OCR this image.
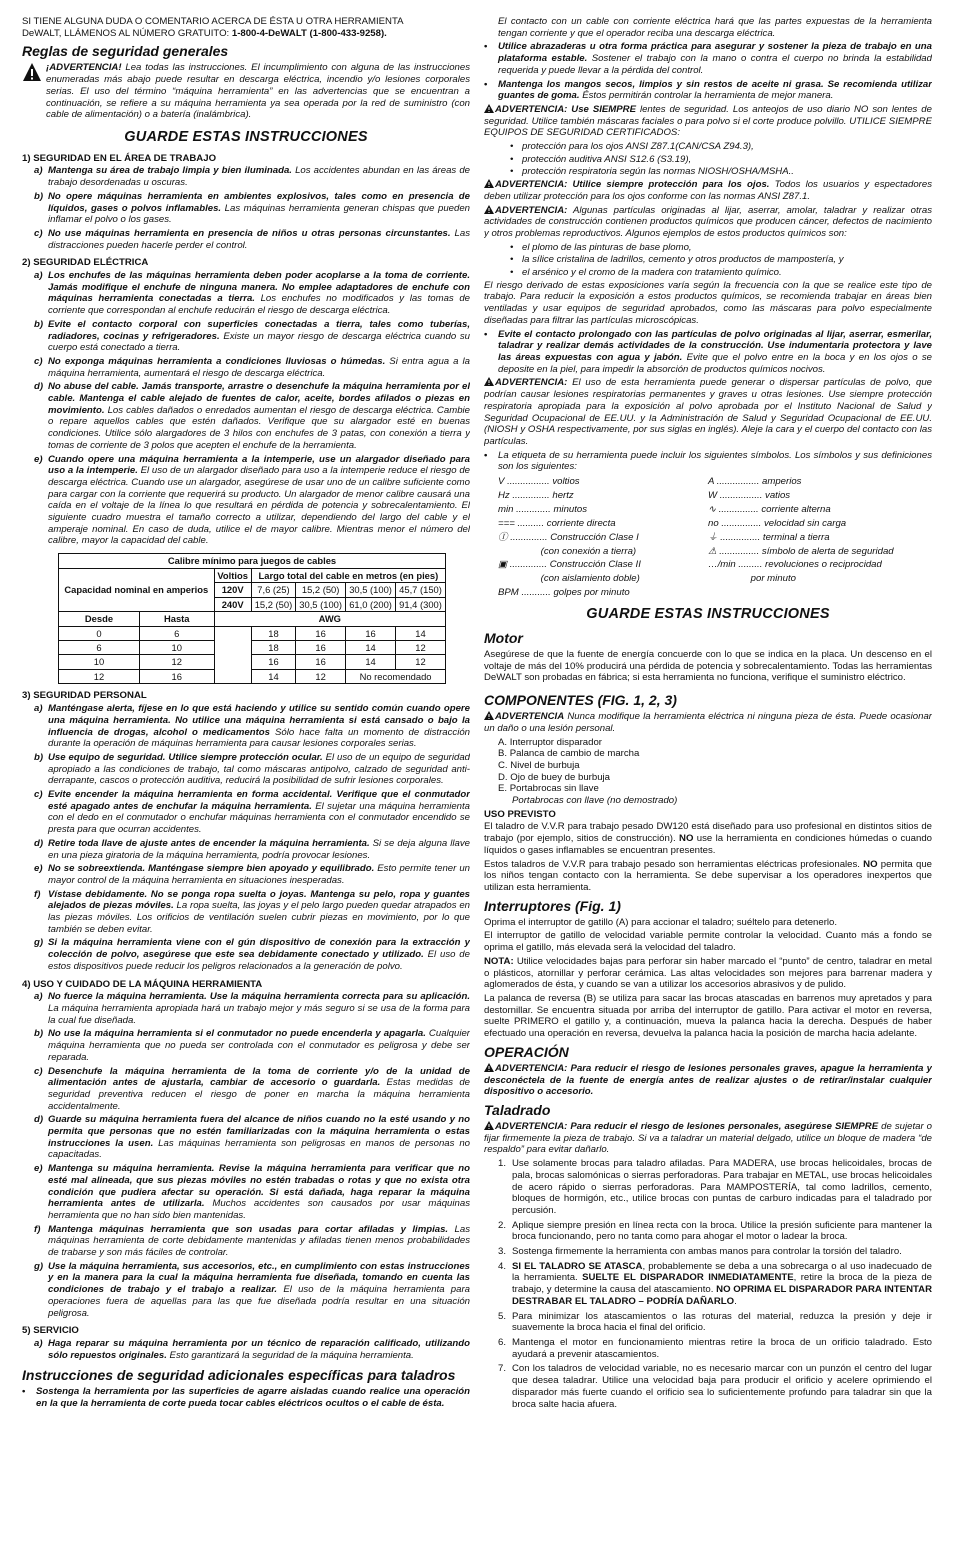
SI TIENE ALGUNA DUDA O COMENTARIO ACERCA DE ÉSTA U OTRA HERRAMIENTA
DeWALT, LLÁMENOS AL NÚMERO GRATUITO: 1-800-4-DeWALT (1-800-433-9258).

Reglas de seguridad generales

¡ADVERTENCIA! Lea todas las instrucciones. El incumplimiento con alguna de las instrucciones enumeradas más abajo puede resultar en descarga eléctrica, incendio y/o lesiones corporales serias. El uso del término “máquina herramienta” en las advertencias que se encuentran a continuación, se refiere a su máquina herramienta ya sea operada por la red de suministro (con cable de alimentación) o a batería (inalámbrica).

GUARDE ESTAS INSTRUCCIONES
1) SEGURIDAD EN EL ÁREA DE TRABAJO
a) Mantenga su área de trabajo limpia y bien iluminada. Los accidentes abundan en las áreas de trabajo desordenadas u oscuras.
b) No opere máquinas herramienta en ambientes explosivos, tales como en presencia de líquidos, gases o polvos inflamables. Las máquinas herramienta generan chispas que pueden inflamar el polvo o los gases.
c) No use máquinas herramienta en presencia de niños u otras personas circunstantes. Las distracciones pueden hacerle perder el control.
2) SEGURIDAD ELÉCTRICA
a) Los enchufes de las máquinas herramienta deben poder acoplarse a la toma de corriente. Jamás modifique el enchufe de ninguna manera. No emplee adaptadores de enchufe con máquinas herramienta conectadas a tierra. Los enchufes no modificados y las tomas de corriente que correspondan al enchufe reducirán el riesgo de descarga eléctrica.
b) Evite el contacto corporal con superficies conectadas a tierra, tales como tuberías, radiadores, cocinas y refrigeradores. Existe un mayor riesgo de descarga eléctrica cuando su cuerpo está conectado a tierra.
c) No exponga máquinas herramienta a condiciones lluviosas o húmedas. Si entra agua a la máquina herramienta, aumentará el riesgo de descarga eléctrica.
d) No abuse del cable. Jamás transporte, arrastre o desenchufe la máquina herramienta por el cable. Mantenga el cable alejado de fuentes de calor, aceite, bordes afilados o piezas en movimiento. Los cables dañados o enredados aumentan el riesgo de descarga eléctrica. Cambie o repare aquellos cables que estén dañados. Verifique que su alargador esté en buenas condiciones. Utilice sólo alargadores de 3 hilos con enchufes de 3 patas, con conexión a tierra y tomas de corriente de 3 polos que acepten el enchufe de la herramienta.
e) Cuando opere una máquina herramienta a la intemperie, use un alargador diseñado para uso a la intemperie. El uso de un alargador diseñado para uso a la intemperie reduce el riesgo de descarga eléctrica. Cuando use un alargador, asegúrese de usar uno de un calibre suficiente como para cargar con la corriente que requerirá su producto. Un alargador de menor calibre causará una caída en el voltaje de la línea lo que resultará en pérdida de potencia y sobrecalentamiento. El siguiente cuadro muestra el tamaño correcto a utilizar, dependiendo del largo del cable y el amperaje nominal. En caso de duda, utilice el de mayor calibre. Mientras menor el número del calibre, mayor la capacidad del cable.
Calibre mínimo para juegos de cables						
Capacidad nominal en amperios		Voltios	Largo total del cable en metros (en pies)			
		120V	7,6 (25)	15,2 (50)	30,5 (100)	45,7 (150)
		240V	15,2 (50)	30,5 (100)	61,0 (200)	91,4 (300)
Desde	Hasta	AWG				
0	6		18	16	16	14
6	10		18	16	14	12
10	12		16	16	14	12
12	16		14	12	No recomendado	
3) SEGURIDAD PERSONAL
a) Manténgase alerta, fíjese en lo que está haciendo y utilice su sentido común cuando opere una máquina herramienta. No utilice una máquina herramienta si está cansado o bajo la influencia de drogas, alcohol o medicamentos Sólo hace falta un momento de distracción durante la operación de máquinas herramienta para causar lesiones corporales serias.
b) Use equipo de seguridad. Utilice siempre protección ocular. El uso de un equipo de seguridad apropiado a las condiciones de trabajo, tal como máscaras antipolvo, calzado de seguridad anti-derrapante, cascos o protección auditiva, reducirá la posibilidad de sufrir lesiones corporales.
c) Evite encender la máquina herramienta en forma accidental. Verifique que el conmutador esté apagado antes de enchufar la máquina herramienta. El sujetar una máquina herramienta con el dedo en el conmutador o enchufar máquinas herramienta con el conmutador encendido se presta para que ocurran accidentes.
d) Retire toda llave de ajuste antes de encender la máquina herramienta. Si se deja alguna llave en una pieza giratoria de la máquina herramienta, podría provocar lesiones.
e) No se sobreextienda. Manténgase siempre bien apoyado y equilibrado. Esto permite tener un mayor control de la máquina herramienta en situaciones inesperadas.
f) Vístase debidamente. No se ponga ropa suelta o joyas. Mantenga su pelo, ropa y guantes alejados de piezas móviles. La ropa suelta, las joyas y el pelo largo pueden quedar atrapados en las piezas móviles. Los orificios de ventilación suelen cubrir piezas en movimiento, por lo que también se deben evitar.
g) Si la máquina herramienta viene con el gún dispositivo de conexión para la extracción y colección de polvo, asegúrese que este sea debidamente conectado y utilizado. El uso de estos dispositivos puede reducir los peligros relacionados a la generación de polvo.
4) USO Y CUIDADO DE LA MÁQUINA HERRAMIENTA
a) No fuerce la máquina herramienta. Use la máquina herramienta correcta para su aplicación. La máquina herramienta apropiada hará un trabajo mejor y más seguro si se usa de la forma para la cual fue diseñada.
b) No use la máquina herramienta si el conmutador no puede encenderla y apagarla. Cualquier máquina herramienta que no pueda ser controlada con el conmutador es peligrosa y debe ser reparada.
c) Desenchufe la máquina herramienta de la toma de corriente y/o de la unidad de alimentación antes de ajustarla, cambiar de accesorio o guardarla. Estas medidas de seguridad preventiva reducen el riesgo de poner en marcha la máquina herramienta accidentalmente.
d) Guarde su máquina herramienta fuera del alcance de niños cuando no la esté usando y no permita que personas que no estén familiarizadas con la máquina herramienta o estas instrucciones la usen. Las máquinas herramienta son peligrosas en manos de personas no capacitadas.
e) Mantenga su máquina herramienta. Revise la máquina herramienta para verificar que no esté mal alineada, que sus piezas móviles no estén trabadas o rotas y que no exista otra condición que pudiera afectar su operación. Si está dañada, haga reparar la máquina herramienta antes de utilizarla. Muchos accidentes son causados por usar máquinas herramienta que no han sido bien mantenidas.
f) Mantenga máquinas herramienta que son usadas para cortar afiladas y limpias. Las máquinas herramienta de corte debidamente mantenidas y afiladas tienen menos probabilidades de trabarse y son más fáciles de controlar.
g) Use la máquina herramienta, sus accesorios, etc., en cumplimiento con estas instrucciones y en la manera para la cual la máquina herramienta fue diseñada, tomando en cuenta las condiciones de trabajo y el trabajo a realizar. El uso de la máquina herramienta para operaciones fuera de aquellas para las que fue diseñada podría resultar en una situación peligrosa.
5) SERVICIO
a) Haga reparar su máquina herramienta por un técnico de reparación calificado, utilizando sólo repuestos originales. Esto garantizará la seguridad de la máquina herramienta.
Instrucciones de seguridad adicionales específicas para taladros
•	Sostenga la herramienta por las superficies de agarre aisladas cuando realice una operación en la que la herramienta de corte pueda tocar cables eléctricos ocultos o el cable de ésta.
El contacto con un cable con corriente eléctrica hará que las partes expuestas de la herramienta tengan corriente y que el operador reciba una descarga eléctrica.
•	Utilice abrazaderas u otra forma práctica para asegurar y sostener la pieza de trabajo en una plataforma estable. Sostener el trabajo con la mano o contra el cuerpo no brinda la estabilidad requerida y puede llevar a la pérdida del control.
•	Mantenga los mangos secos, limpios y sin restos de aceite ni grasa. Se recomienda utilizar guantes de goma. Éstos permitirán controlar la herramienta de mejor manera.

ADVERTENCIA: Use SIEMPRE lentes de seguridad. Los anteojos de uso diario NO son lentes de seguridad. Utilice también máscaras faciales o para polvo si el corte produce polvillo. UTILICE SIEMPRE EQUIPOS DE SEGURIDAD CERTIFICADOS:

• protección para los ojos ANSI Z87.1(CAN/CSA Z94.3),
• protección auditiva ANSI S12.6 (S3.19),
• protección respiratoria según las normas NIOSH/OSHA/MSHA..

ADVERTENCIA: Utilice siempre protección para los ojos. Todos los usuarios y espectadores deben utilizar protección para los ojos conforme con las normas ANSI Z87.1.

ADVERTENCIA: Algunas partículas originadas al lijar, aserrar, amolar, taladrar y realizar otras actividades de construcción contienen productos químicos que producen cáncer, defectos de nacimiento y otros problemas reproductivos. Algunos ejemplos de estos productos químicos son:

• el plomo de las pinturas de base plomo,
• la sílice cristalina de ladrillos, cemento y otros productos de mampostería, y
• el arsénico y el cromo de la madera con tratamiento químico.

El riesgo derivado de estas exposiciones varía según la frecuencia con la que se realice este tipo de trabajo. Para reducir la exposición a estos productos químicos, se recomienda trabajar en áreas bien ventiladas y usar equipos de seguridad aprobados, como las máscaras para polvo especialmente diseñadas para filtrar las partículas microscópicas.

•	Evite el contacto prolongado con las partículas de polvo originadas al lijar, aserrar, esmerilar, taladrar y realizar demás actividades de la construcción. Use indumentaria protectora y lave las áreas expuestas con agua y jabón. Evite que el polvo entre en la boca y en los ojos o se deposite en la piel, para impedir la absorción de productos químicos nocivos.

ADVERTENCIA: El uso de esta herramienta puede generar o dispersar partículas de polvo, que podrían causar lesiones respiratorias permanentes y graves u otras lesiones. Use siempre protección respiratoria apropiada para la exposición al polvo aprobada por el Instituto Nacional de Salud y Seguridad Ocupacional de EE.UU. y la Administración de Salud y Seguridad Ocupacional de EE.UU. (NIOSH y OSHA respectivamente, por sus siglas en inglés). Aleje la cara y el cuerpo del contacto con las partículas.

•	La etiqueta de su herramienta puede incluir los siguientes símbolos. Los símbolos y sus definiciones son los siguientes:
V ................ voltios	A ................ amperios
Hz .............. hertz	W ................ vatios
min ............. minutos	∿ ............... corriente alterna
=== .......... corriente directa	no ............... velocidad sin carga
Ⓘ .............. Construcción Clase I	⏚ ............... terminal a tierra
(con conexión a tierra)	⚠ ............... símbolo de alerta de seguridad
▣ .............. Construcción Clase II	…/min ......... revoluciones o reciprocidad
(con aislamiento doble)	por minuto
BPM ........... golpes por minuto
GUARDE ESTAS INSTRUCCIONES
Motor

Asegúrese de que la fuente de energía concuerde con lo que se indica en la placa. Un descenso en el voltaje de más del 10% producirá una pérdida de potencia y sobrecalentamiento. Todas las herramientas DeWALT son probadas en fábrica; si esta herramienta no funciona, verifique el suministro eléctrico.

COMPONENTES (FIG. 1, 2, 3)

ADVERTENCIA Nunca modifique la herramienta eléctrica ni ninguna pieza de ésta. Puede ocasionar un daño o una lesión personal.

A. Interruptor disparador
B. Palanca de cambio de marcha
C. Nivel de burbuja
D. Ojo de buey de burbuja
E. Portabrocas sin llave
Portabrocas con llave (no demostrado)
USO PREVISTO

El taladro de V.V.R para trabajo pesado DW120 está diseñado para uso profesional en distintos sitios de trabajo (por ejemplo, sitios de construcción). NO use la herramienta en condiciones húmedas o cuando líquidos o gases inflamables se encuentran presentes.

Estos taladros de V.V.R para trabajo pesado son herramientas eléctricas profesionales. NO permita que los niños tengan contacto con la herramienta. Se debe supervisar a los operadores inexpertos que utilizan esta herramienta.

Interruptores (Fig. 1)

Oprima el interruptor de gatillo (A) para accionar el taladro; suéltelo para detenerlo.

El interruptor de gatillo de velocidad variable permite controlar la velocidad. Cuanto más a fondo se oprima el gatillo, más elevada será la velocidad del taladro.

NOTA: Utilice velocidades bajas para perforar sin haber marcado el “punto” de centro, taladrar en metal o plásticos, atornillar y perforar cerámica. Las altas velocidades son mejores para barrenar madera y aglomerados de ésta, y cuando se van a utilizar los accesorios abrasivos y de pulido.

La palanca de reversa (B) se utiliza para sacar las brocas atascadas en barrenos muy apretados y para destornillar. Se encuentra situada por arriba del interruptor de gatillo. Para activar el motor en reversa, suelte PRIMERO el gatillo y, a continuación, mueva la palanca hacia la derecha. Después de haber efectuado una operación en reversa, devuelva la palanca hacia la posición de marcha hacia adelante.

OPERACIÓN

ADVERTENCIA: Para reducir el riesgo de lesiones personales graves, apague la herramienta y desconéctela de la fuente de energía antes de realizar ajustes o de retirar/instalar cualquier dispositivo o accesorio.

Taladrado

ADVERTENCIA: Para reducir el riesgo de lesiones personales, asegúrese SIEMPRE de sujetar o fijar firmemente la pieza de trabajo. Si va a taladrar un material delgado, utilice un bloque de madera “de respaldo” para evitar dañarlo.

1. Use solamente brocas para taladro afiladas. Para MADERA, use brocas helicoidales, brocas de pala, brocas salomónicas o sierras perforadoras. Para trabajar en METAL, use brocas helicoidales de acero rápido o sierras perforadoras. Para MAMPOSTERÍA, tal como ladrillos, cemento, bloques de hormigón, etc., utilice brocas con puntas de carburo indicadas para el taladrado por percusión.
2. Aplique siempre presión en línea recta con la broca. Utilice la presión suficiente para mantener la broca funcionando, pero no tanta como para ahogar el motor o ladear la broca.
3. Sostenga firmemente la herramienta con ambas manos para controlar la torsión del taladro.
4. SI EL TALADRO SE ATASCA, probablemente se deba a una sobrecarga o al uso inadecuado de la herramienta. SUELTE EL DISPARADOR INMEDIATAMENTE, retire la broca de la pieza de trabajo, y determine la causa del atascamiento. NO OPRIMA EL DISPARADOR PARA INTENTAR DESTRABAR EL TALADRO – PODRÍA DAÑARLO.
5. Para minimizar los atascamientos o las roturas del material, reduzca la presión y deje ir suavemente la broca hacia el final del orificio.
6. Mantenga el motor en funcionamiento mientras retire la broca de un orificio taladrado. Esto ayudará a prevenir atascamientos.
7. Con los taladros de velocidad variable, no es necesario marcar con un punzón el centro del lugar que desea taladrar. Utilice una velocidad baja para producir el orificio y acelere oprimiendo el disparador más fuerte cuando el orificio sea lo suficientemente profundo para taladrar sin que la broca salte hacia afuera.
